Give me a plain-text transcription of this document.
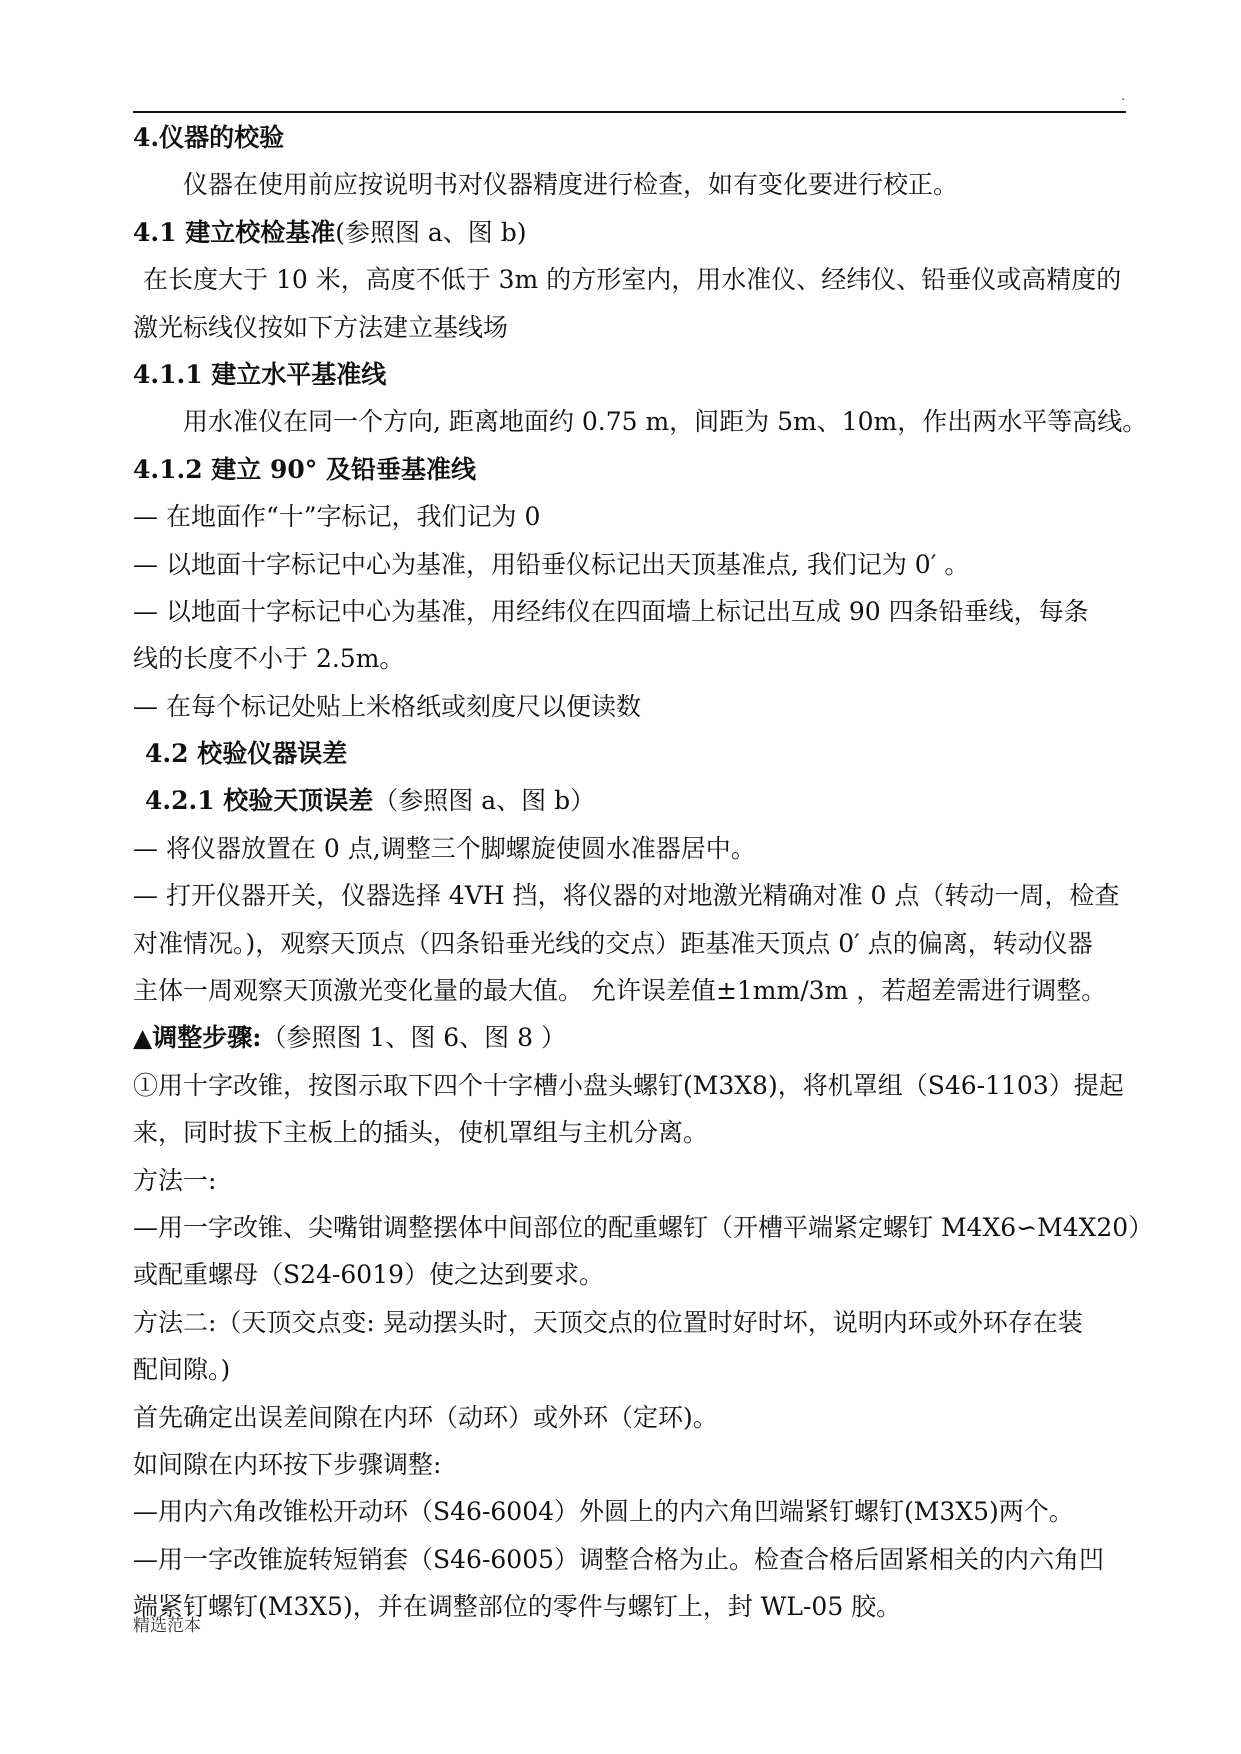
.
4.仪器的校验
仪器在使用前应按说明书对仪器精度进行检查，如有变化要进行校正。
4.1 建立校检基准(参照图 a、图 b)
在长度大于 10 米，高度不低于 3m 的方形室内，用水准仪、经纬仪、铅垂仪或高精度的
激光标线仪按如下方法建立基线场
4.1.1 建立水平基准线
用水准仪在同一个方向, 距离地面约 0.75 m，间距为 5m、10m，作出两水平等高线。
4.1.2 建立 90° 及铅垂基准线
— 在地面作“十”字标记，我们记为 0
— 以地面十字标记中心为基准，用铅垂仪标记出天顶基准点, 我们记为 0′ 。
— 以地面十字标记中心为基准，用经纬仪在四面墙上标记出互成 90 四条铅垂线，每条
线的长度不小于 2.5m。
— 在每个标记处贴上米格纸或刻度尺以便读数
4.2 校验仪器误差
4.2.1 校验天顶误差（参照图 a、图 b）
— 将仪器放置在 0 点,调整三个脚螺旋使圆水准器居中。
— 打开仪器开关，仪器选择 4VH 挡，将仪器的对地激光精确对准 0 点（转动一周，检查
对准情况。)，观察天顶点（四条铅垂光线的交点）距基准天顶点 0′ 点的偏离，转动仪器
主体一周观察天顶激光变化量的最大值。 允许误差值±1mm/3m ，若超差需进行调整。
▲调整步骤:（参照图 1、图 6、图 8 ）
①用十字改锥，按图示取下四个十字槽小盘头螺钉(M3X8)，将机罩组（S46-1103）提起
来，同时拔下主板上的插头，使机罩组与主机分离。
方法一:
—用一字改锥、尖嘴钳调整摆体中间部位的配重螺钉（开槽平端紧定螺钉 M4X6∽M4X20）
或配重螺母（S24-6019）使之达到要求。
方法二:（天顶交点变: 晃动摆头时，天顶交点的位置时好时坏，说明内环或外环存在装
配间隙。)
首先确定出误差间隙在内环（动环）或外环（定环)。
如间隙在内环按下步骤调整:
—用内六角改锥松开动环（S46-6004）外圆上的内六角凹端紧钉螺钉(M3X5)两个。
—用一字改锥旋转短销套（S46-6005）调整合格为止。检查合格后固紧相关的内六角凹
端紧钉螺钉(M3X5)，并在调整部位的零件与螺钉上，封 WL-05 胶。
精选范本
